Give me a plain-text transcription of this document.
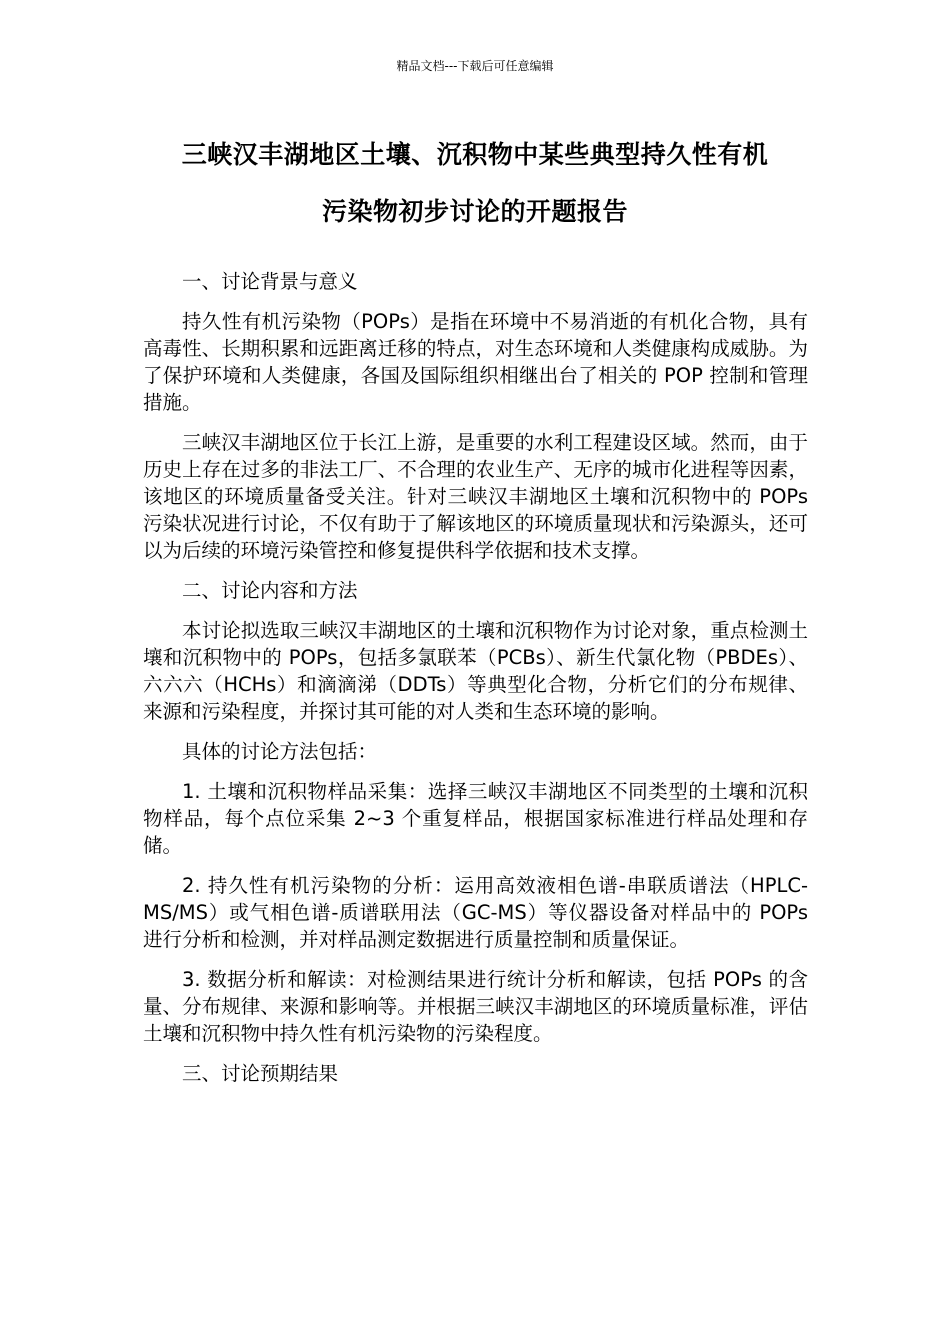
精品文档---下载后可任意编辑
三峡汉丰湖地区土壤、沉积物中某些典型持久性有机
污染物初步讨论的开题报告
一、讨论背景与意义

持久性有机污染物（POPs）是指在环境中不易消逝的有机化合物，具有高毒性、长期积累和远距离迁移的特点，对生态环境和人类健康构成威胁。为了保护环境和人类健康，各国及国际组织相继出台了相关的 POP 控制和管理措施。

三峡汉丰湖地区位于长江上游，是重要的水利工程建设区域。然而，由于历史上存在过多的非法工厂、不合理的农业生产、无序的城市化进程等因素，该地区的环境质量备受关注。针对三峡汉丰湖地区土壤和沉积物中的 POPs 污染状况进行讨论，不仅有助于了解该地区的环境质量现状和污染源头，还可以为后续的环境污染管控和修复提供科学依据和技术支撑。

二、讨论内容和方法

本讨论拟选取三峡汉丰湖地区的土壤和沉积物作为讨论对象，重点检测土壤和沉积物中的 POPs，包括多氯联苯（PCBs）、新生代氯化物（PBDEs）、六六六（HCHs）和滴滴涕（DDTs）等典型化合物，分析它们的分布规律、来源和污染程度，并探讨其可能的对人类和生态环境的影响。

具体的讨论方法包括：

1. 土壤和沉积物样品采集：选择三峡汉丰湖地区不同类型的土壤和沉积物样品，每个点位采集 2~3 个重复样品，根据国家标准进行样品处理和存储。

2. 持久性有机污染物的分析：运用高效液相色谱-串联质谱法（HPLC-MS/MS）或气相色谱-质谱联用法（GC-MS）等仪器设备对样品中的 POPs 进行分析和检测，并对样品测定数据进行质量控制和质量保证。

3. 数据分析和解读：对检测结果进行统计分析和解读，包括 POPs 的含量、分布规律、来源和影响等。并根据三峡汉丰湖地区的环境质量标准，评估土壤和沉积物中持久性有机污染物的污染程度。

三、讨论预期结果
